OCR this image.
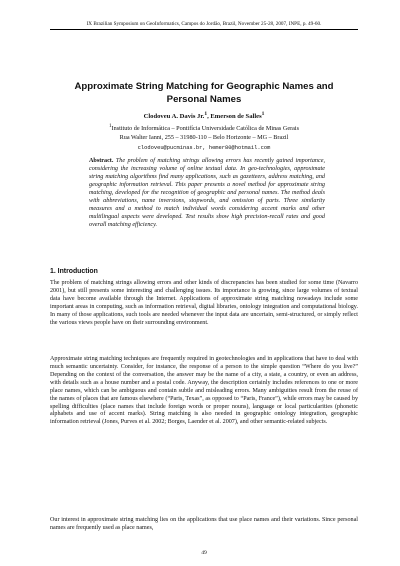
IX Brazilian Symposium on GeoInformatics, Campos do Jordão, Brazil, November 25-28, 2007, INPE, p. 49-60.
Approximate String Matching for Geographic Names and Personal Names
Clodoveu A. Davis Jr.$^1$, Emerson de Salles$^1$
$^1$Instituto de Informática – Pontifícia Universidade Católica de Minas Gerais
Rua Walter Ianni, 255 – 31980-110 – Belo Horizonte – MG – Brazil
clodoveu@pucminas.br, hemer80@hotmail.com
Abstract. The problem of matching strings allowing errors has recently gained importance, considering the increasing volume of online textual data. In geo-technologies, approximate string matching algorithms find many applications, such as gazetteers, address matching, and geographic information retrieval. This paper presents a novel method for approximate string matching, developed for the recognition of geographic and personal names. The method deals with abbreviations, name inversions, stopwords, and omission of parts. Three similarity measures and a method to match individual words considering accent marks and other multilingual aspects were developed. Test results show high precision-recall rates and good overall matching efficiency.
1. Introduction
The problem of matching strings allowing errors and other kinds of discrepancies has been studied for some time (Navarro 2001), but still presents some interesting and challenging issues. Its importance is growing, since large volumes of textual data have become available through the Internet. Applications of approximate string matching nowadays include some important areas in computing, such as information retrieval, digital libraries, ontology integration and computational biology. In many of those applications, such tools are needed whenever the input data are uncertain, semi-structured, or simply reflect the various views people have on their surrounding environment.
Approximate string matching techniques are frequently required in geotechnologies and in applications that have to deal with much semantic uncertainty. Consider, for instance, the response of a person to the simple question “Where do you live?” Depending on the context of the conversation, the answer may be the name of a city, a state, a country, or even an address, with details such as a house number and a postal code. Anyway, the description certainly includes references to one or more place names, which can be ambiguous and contain subtle and misleading errors. Many ambiguities result from the reuse of the names of places that are famous elsewhere (“Paris, Texas”, as opposed to “Paris, France”), while errors may be caused by spelling difficulties (place names that include foreign words or proper nouns), language or local particularities (phonetic alphabets and use of accent marks). String matching is also needed in geographic ontology integration, geographic information retrieval (Jones, Purves et al. 2002; Borges, Laender et al. 2007), and other semantic-related subjects.
Our interest in approximate string matching lies on the applications that use place names and their variations. Since personal names are frequently used as place names,
49
